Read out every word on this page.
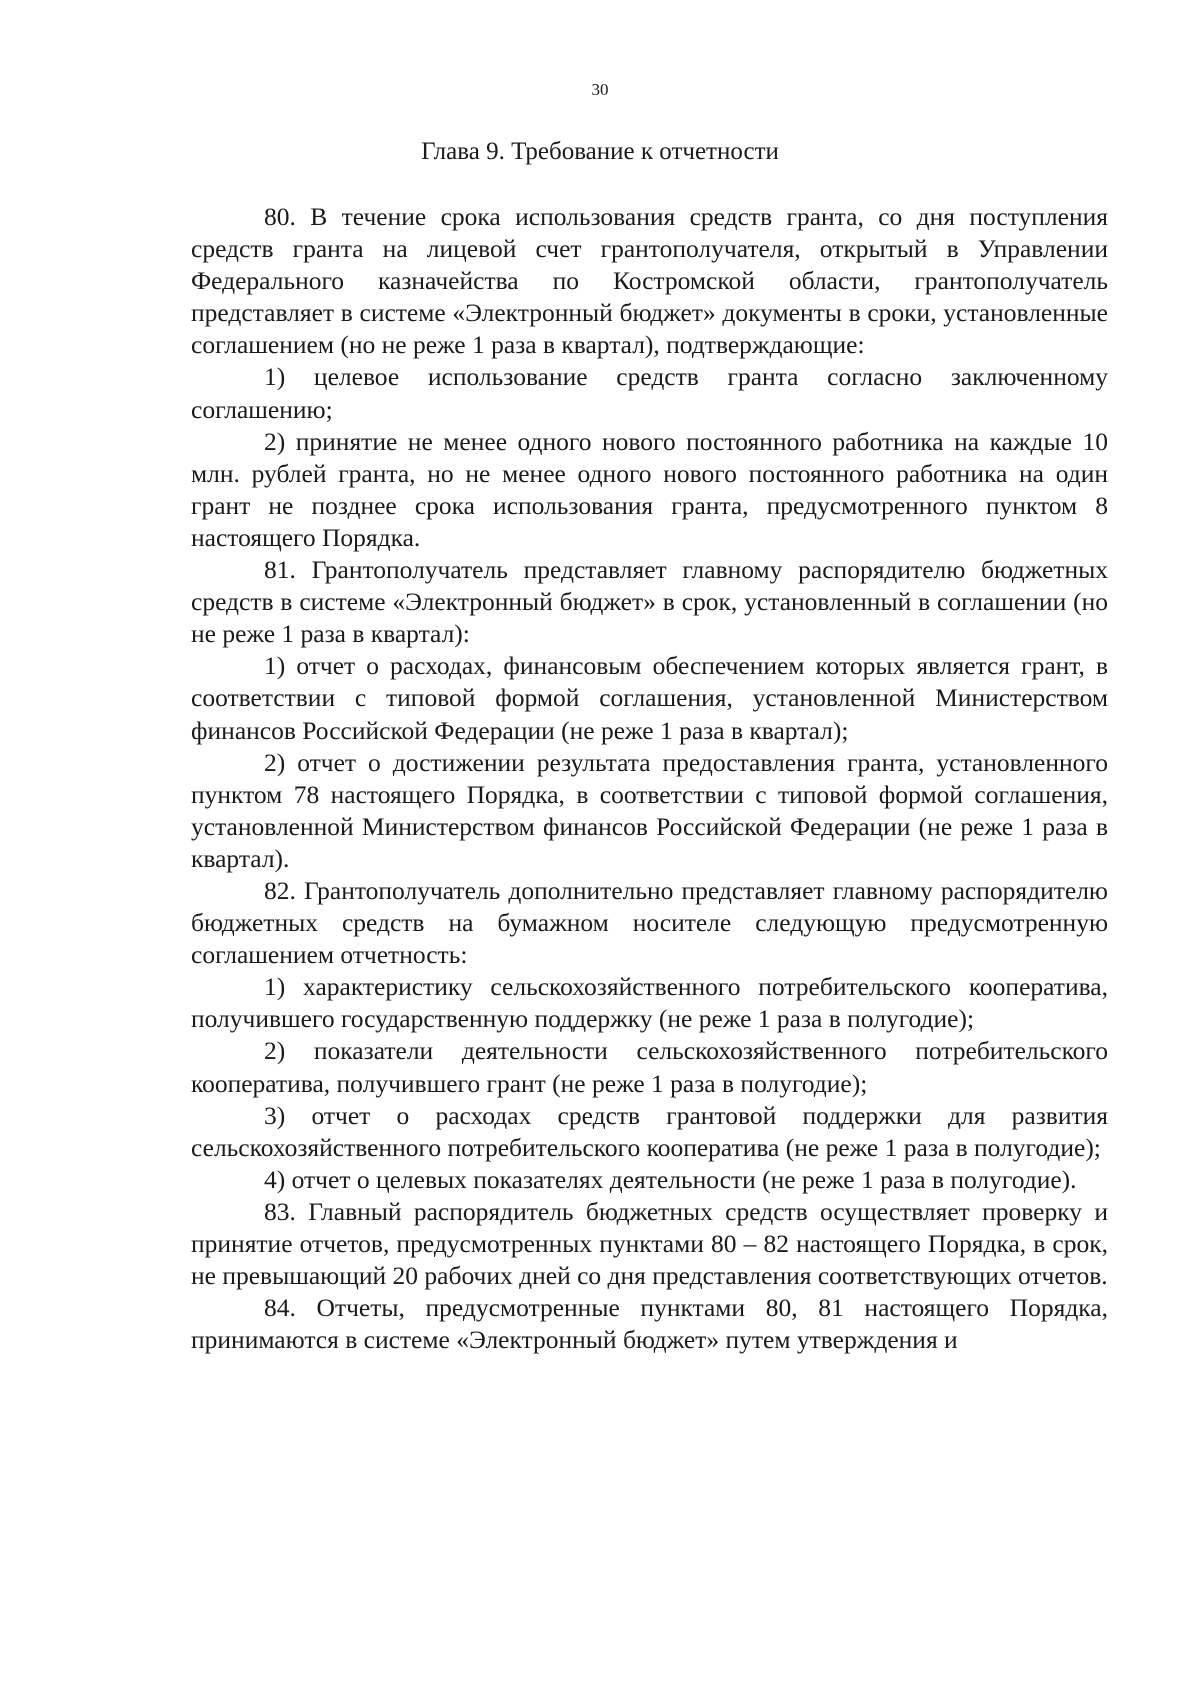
30
Глава 9. Требование к отчетности

80. В течение срока использования средств гранта, со дня поступления средств гранта на лицевой счет грантополучателя, открытый в Управлении Федерального казначейства по Костромской области, грантополучатель представляет в системе «Электронный бюджет» документы в сроки, установленные соглашением (но не реже 1 раза в квартал), подтверждающие:

1) целевое использование средств гранта согласно заключенному соглашению;

2) принятие не менее одного нового постоянного работника на каждые 10 млн. рублей гранта, но не менее одного нового постоянного работника на один грант не позднее срока использования гранта, предусмотренного пунктом 8 настоящего Порядка.

81. Грантополучатель представляет главному распорядителю бюджетных средств в системе «Электронный бюджет» в срок, установленный в соглашении (но не реже 1 раза в квартал):

1) отчет о расходах, финансовым обеспечением которых является грант, в соответствии с типовой формой соглашения, установленной Министерством финансов Российской Федерации (не реже 1 раза в квартал);

2) отчет о достижении результата предоставления гранта, установленного пунктом 78 настоящего Порядка, в соответствии с типовой формой соглашения, установленной Министерством финансов Российской Федерации (не реже 1 раза в квартал).

82. Грантополучатель дополнительно представляет главному распорядителю бюджетных средств на бумажном носителе следующую предусмотренную соглашением отчетность:

1) характеристику сельскохозяйственного потребительского кооператива, получившего государственную поддержку (не реже 1 раза в полугодие);

2) показатели деятельности сельскохозяйственного потребительского кооператива, получившего грант (не реже 1 раза в полугодие);

3) отчет о расходах средств грантовой поддержки для развития сельскохозяйственного потребительского кооператива (не реже 1 раза в полугодие);

4) отчет о целевых показателях деятельности (не реже 1 раза в полугодие).

83. Главный распорядитель бюджетных средств осуществляет проверку и принятие отчетов, предусмотренных пунктами 80 – 82 настоящего Порядка, в срок, не превышающий 20 рабочих дней со дня представления соответствующих отчетов.

84. Отчеты, предусмотренные пунктами 80, 81 настоящего Порядка, принимаются в системе «Электронный бюджет» путем утверждения и
